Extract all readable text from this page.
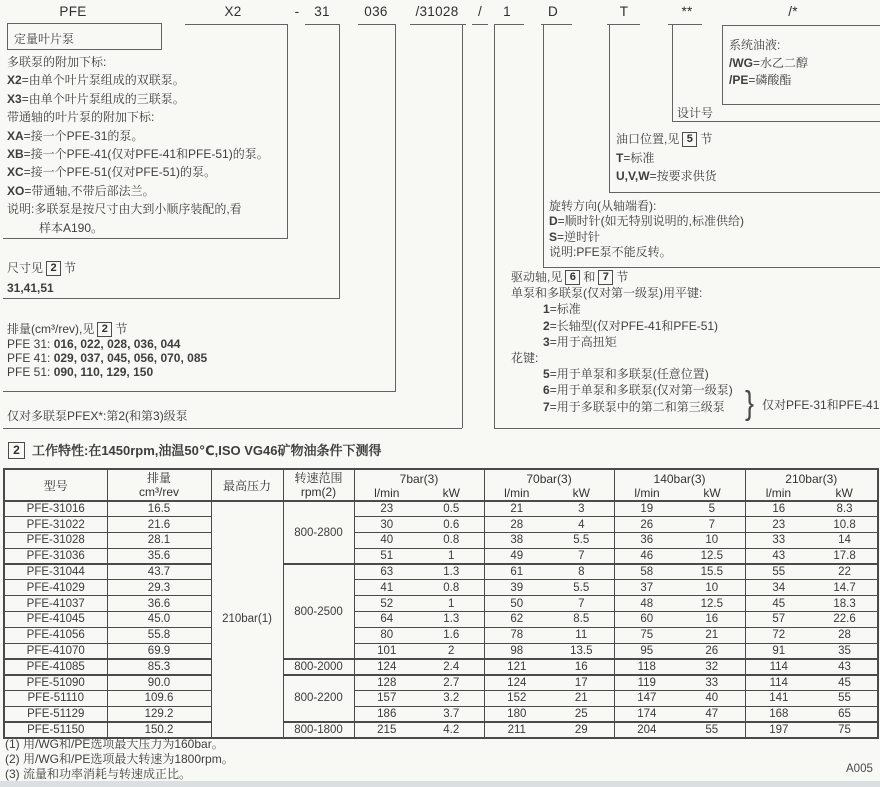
PFE	X2	- 31	036 /31028 / 1	D	T	**	/*
定量叶片泵
多联泵的附加下标:
X2=由单个叶片泵组成的双联泵。
X3=由单个叶片泵组成的三联泵。
带通轴的叶片泵的附加下标:
XA=接一个PFE-31的泵。
XB=接一个PFE-41(仅对PFE-41和PFE-51)的泵。
XC=接一个PFE-51(仅对PFE-51)的泵。
XO=带通轴,不带后部法兰。
说明:多联泵是按尺寸由大到小顺序装配的,看
样本A190。
尺寸见 2 节
31,41,51
排量(cm³/rev),见 2 节
PFE 31: 016, 022, 028, 036, 044
PFE 41: 029, 037, 045, 056, 070, 085
PFE 51: 090, 110, 129, 150
仅对多联泵PFEX*:第2(和第3)级泵
系统油液:
/WG=水乙二醇
/PE=磷酸酯
设计号
油口位置,见 5 节
T=标准
U,V,W=按要求供货
旋转方向(从轴端看):
D=顺时针(如无特别说明的,标准供给)
S=逆时针
说明:PFE泵不能反转。
驱动轴,见 6 和 7 节
单泵和多联泵(仅对第一级泵)用平键:
1=标准
2=长轴型(仅对PFE-41和PFE-51)
3=用于高扭矩
花键:
5=用于单泵和多联泵(任意位置)
6=用于单泵和多联泵(仅对第一级泵)
7=用于多联泵中的第二和第三级泵 } 仅对PFE-31和PFE-41
2 工作特性:在1450rpm,油温50℃,ISO VG46矿物油条件下测得
型号	
排量
cm³/rev	最高压力	
转速范围
rpm(2)

7bar(3)
l/min	kW

70bar(3)
l/min	kW

140bar(3)
l/min	kW

210bar(3)
l/min	kW

PFE-31016	16.5	210bar(1)	800-2800	23	0.5	21	3	19	5	16	8.3
PFE-31022	21.6			30	0.6	28	4	26	7	23	10.8
PFE-31028	28.1			40	0.8	38	5.5	36	10	33	14
PFE-31036	35.6			51	1	49	7	46	12.5	43	17.8
PFE-31044	43.7		800-2500	63	1.3	61	8	58	15.5	55	22
PFE-41029	29.3			41	0.8	39	5.5	37	10	34	14.7
PFE-41037	36.6			52	1	50	7	48	12.5	45	18.3
PFE-41045	45.0			64	1.3	62	8.5	60	16	57	22.6
PFE-41056	55.8			80	1.6	78	11	75	21	72	28
PFE-41070	69.9			101	2	98	13.5	95	26	91	35
PFE-41085	85.3		800-2000	124	2.4	121	16	118	32	114	43
PFE-51090	90.0		800-2200	128	2.7	124	17	119	33	114	45
PFE-51110	109.6			157	3.2	152	21	147	40	141	55
PFE-51129	129.2			186	3.7	180	25	174	47	168	65
PFE-51150	150.2		800-1800	215	4.2	211	29	204	55	197	75
(1) 用/WG和/PE选项最大压力为160bar。
(2) 用/WG和/PE选项最大转速为1800rpm。
(3) 流量和功率消耗与转速成正比。	A005
